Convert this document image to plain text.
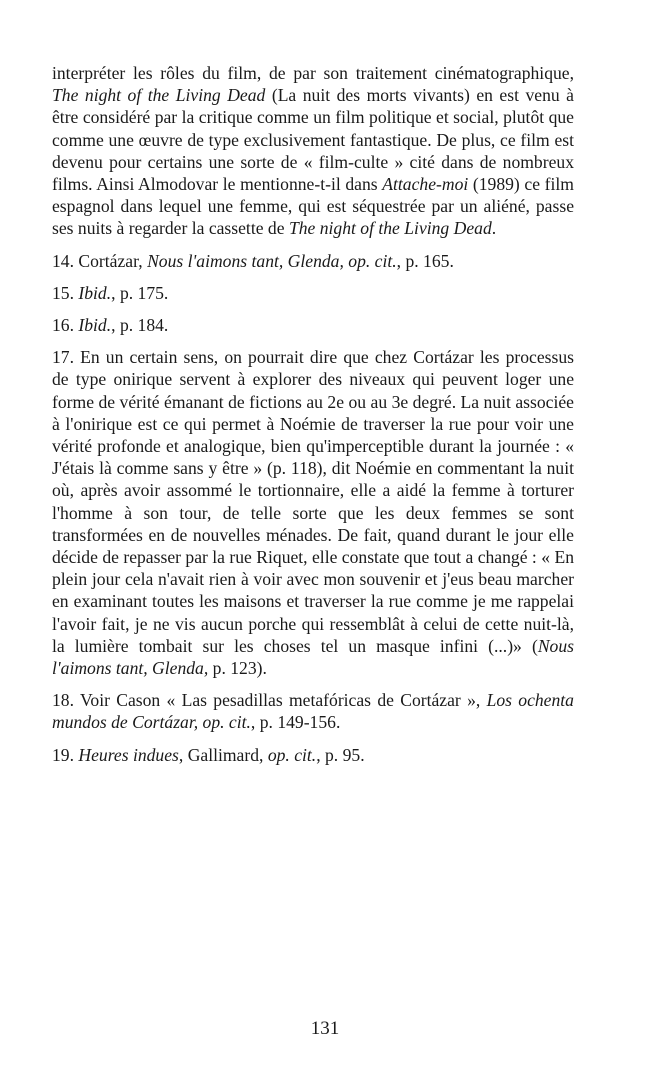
interpréter les rôles du film, de par son traitement cinématographique, The night of the Living Dead (La nuit des morts vivants) en est venu à être considéré par la critique comme un film politique et social, plutôt que comme une œuvre de type exclusivement fantastique. De plus, ce film est devenu pour certains une sorte de « film-culte » cité dans de nombreux films. Ainsi Almodovar le mentionne-t-il dans Attache-moi (1989) ce film espagnol dans lequel une femme, qui est séquestrée par un aliéné, passe ses nuits à regarder la cassette de The night of the Living Dead.

14. Cortázar, Nous l'aimons tant, Glenda, op. cit., p. 165.

15. Ibid., p. 175.

16. Ibid., p. 184.

17. En un certain sens, on pourrait dire que chez Cortázar les processus de type onirique servent à explorer des niveaux qui peuvent loger une forme de vérité émanant de fictions au 2e ou au 3e degré. La nuit associée à l'onirique est ce qui permet à Noémie de traverser la rue pour voir une vérité profonde et analogique, bien qu'imperceptible durant la journée : « J'étais là comme sans y être » (p. 118), dit Noémie en commentant la nuit où, après avoir assommé le tortionnaire, elle a aidé la femme à torturer l'homme à son tour, de telle sorte que les deux femmes se sont transformées en de nouvelles ménades. De fait, quand durant le jour elle décide de repasser par la rue Riquet, elle constate que tout a changé : « En plein jour cela n'avait rien à voir avec mon souvenir et j'eus beau marcher en examinant toutes les maisons et traverser la rue comme je me rappelai l'avoir fait, je ne vis aucun porche qui ressemblât à celui de cette nuit-là, la lumière tombait sur les choses tel un masque infini (...)» (Nous l'aimons tant, Glenda, p. 123).

18. Voir Cason « Las pesadillas metafóricas de Cortázar », Los ochenta mundos de Cortázar, op. cit., p. 149-156.

19. Heures indues, Gallimard, op. cit., p. 95.

131
